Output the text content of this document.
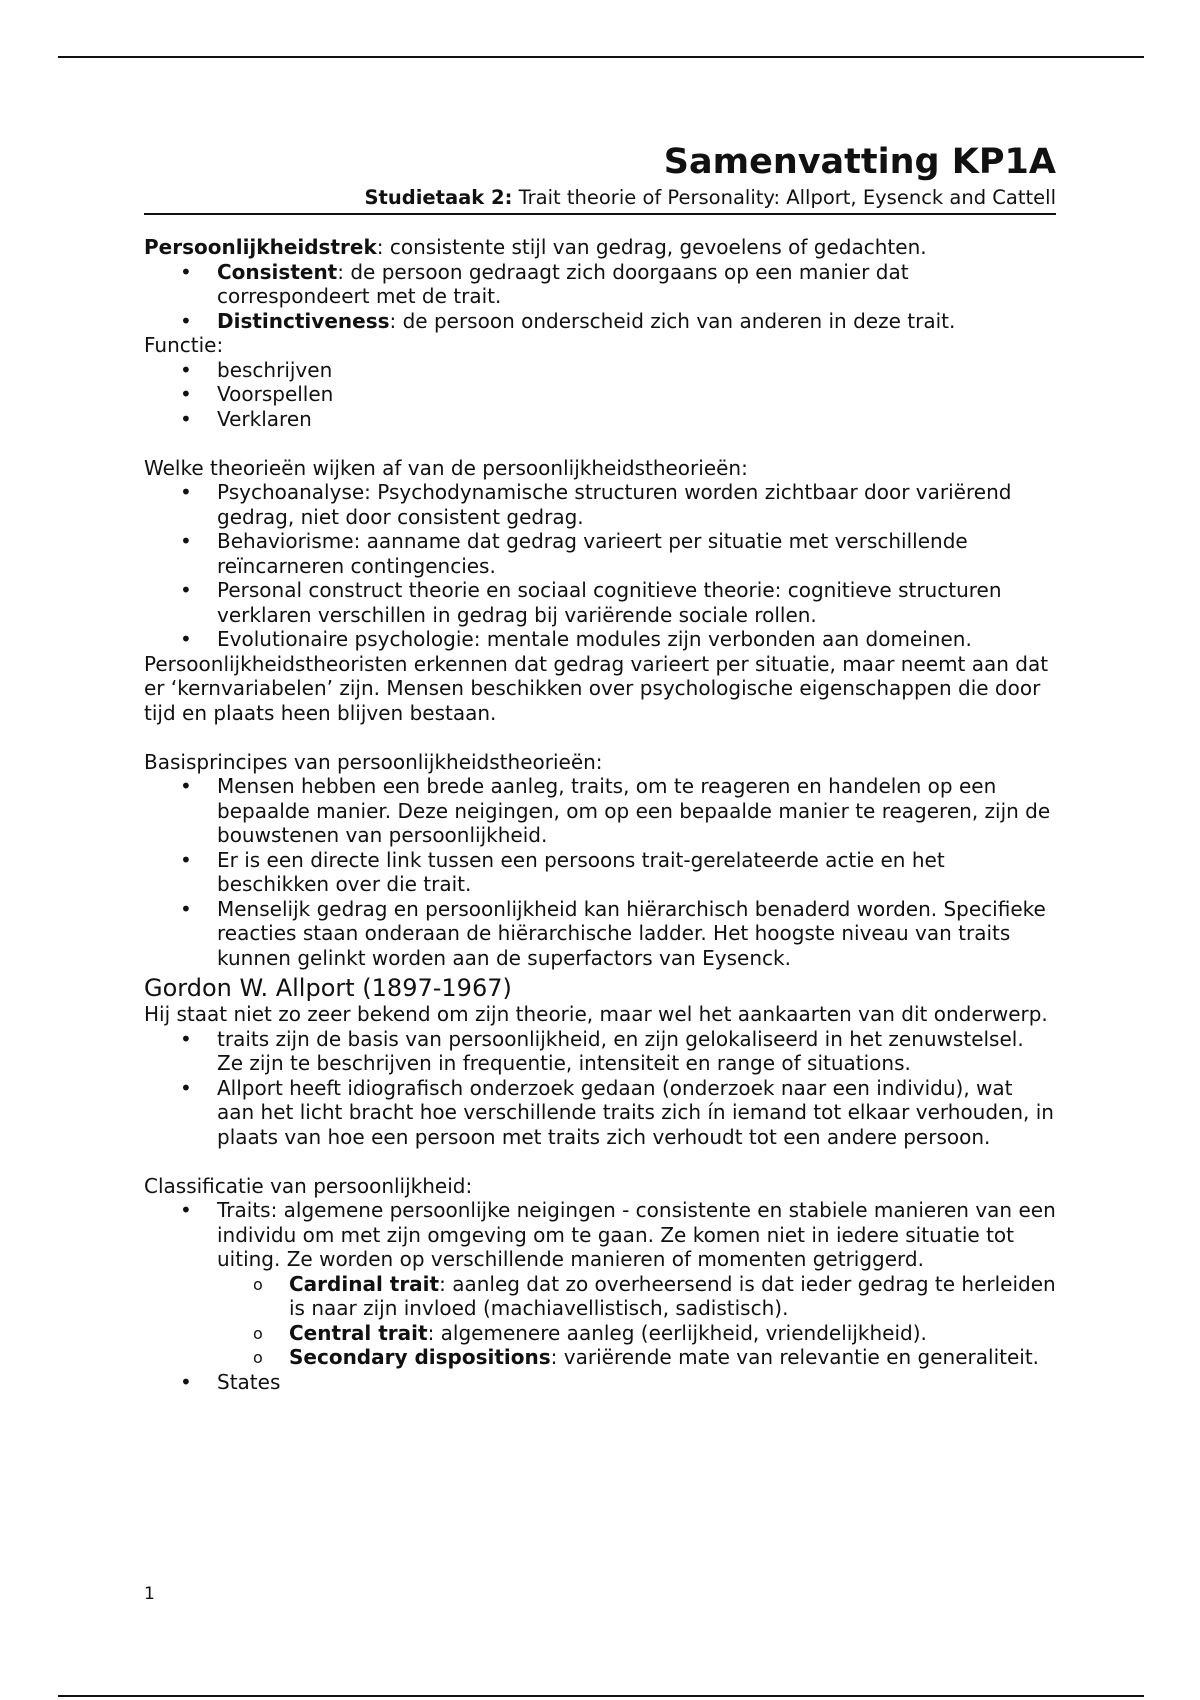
Samenvatting KP1A

Studietaak 2: Trait theorie of Personality: Allport, Eysenck and Cattell

Persoonlijkheidstrek: consistente stijl van gedrag, gevoelens of gedachten.

• Consistent: de persoon gedraagt zich doorgaans op een manier dat correspondeert met de trait.
• Distinctiveness: de persoon onderscheid zich van anderen in deze trait.

Functie:

• beschrijven
• Voorspellen
• Verklaren

Welke theorieën wijken af van de persoonlijkheidstheorieën:

• Psychoanalyse: Psychodynamische structuren worden zichtbaar door variërend gedrag, niet door consistent gedrag.
• Behaviorisme: aanname dat gedrag varieert per situatie met verschillende reïncarneren contingencies.
• Personal construct theorie en sociaal cognitieve theorie: cognitieve structuren verklaren verschillen in gedrag bij variërende sociale rollen.
• Evolutionaire psychologie: mentale modules zijn verbonden aan domeinen.

Persoonlijkheidstheoristen erkennen dat gedrag varieert per situatie, maar neemt aan dat er ‘kernvariabelen’ zijn. Mensen beschikken over psychologische eigenschappen die door tijd en plaats heen blijven bestaan.

Basisprincipes van persoonlijkheidstheorieën:

• Mensen hebben een brede aanleg, traits, om te reageren en handelen op een bepaalde manier. Deze neigingen, om op een bepaalde manier te reageren, zijn de bouwstenen van persoonlijkheid.
• Er is een directe link tussen een persoons trait-gerelateerde actie en het beschikken over die trait.
• Menselijk gedrag en persoonlijkheid kan hiërarchisch benaderd worden. Specifieke reacties staan onderaan de hiërarchische ladder. Het hoogste niveau van traits kunnen gelinkt worden aan de superfactors van Eysenck.
Gordon W. Allport (1897-1967)

Hij staat niet zo zeer bekend om zijn theorie, maar wel het aankaarten van dit onderwerp.

• traits zijn de basis van persoonlijkheid, en zijn gelokaliseerd in het zenuwstelsel. Ze zijn te beschrijven in frequentie, intensiteit en range of situations.
• Allport heeft idiografisch onderzoek gedaan (onderzoek naar een individu), wat aan het licht bracht hoe verschillende traits zich ín iemand tot elkaar verhouden, in plaats van hoe een persoon met traits zich verhoudt tot een andere persoon.

Classificatie van persoonlijkheid:

• Traits: algemene persoonlijke neigingen - consistente en stabiele manieren van een individu om met zijn omgeving om te gaan. Ze komen niet in iedere situatie tot uiting. Ze worden op verschillende manieren of momenten getriggerd.
o Cardinal trait: aanleg dat zo overheersend is dat ieder gedrag te herleiden is naar zijn invloed (machiavellistisch, sadistisch).
o Central trait: algemenere aanleg (eerlijkheid, vriendelijkheid).
o Secondary dispositions: variërende mate van relevantie en generaliteit.
• States
1
